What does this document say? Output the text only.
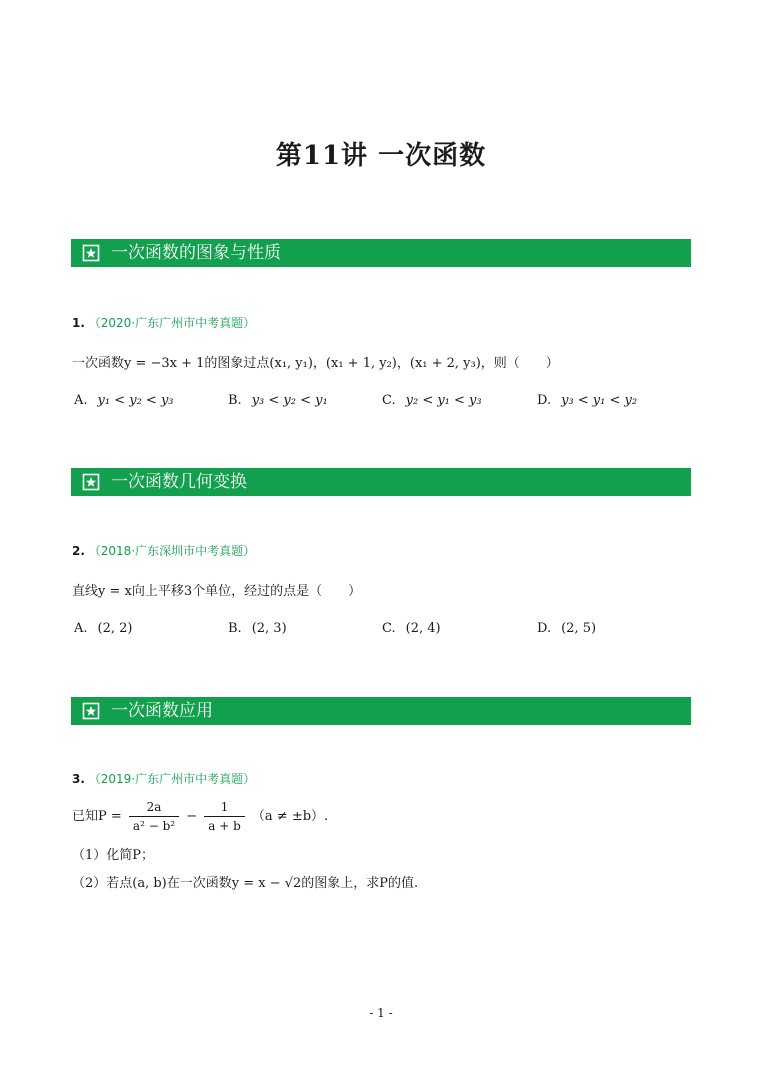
第11讲 一次函数
一次函数的图象与性质
1. （2020·广东广州市中考真题）
一次函数y = −3x + 1的图象过点(x₁, y₁)，(x₁ + 1, y₂)，(x₁ + 2, y₃)，则（　　）
A. y₁ < y₂ < y₃	B. y₃ < y₂ < y₁	C. y₂ < y₁ < y₃	D. y₃ < y₁ < y₂
一次函数几何变换
2. （2018·广东深圳市中考真题）
直线y = x向上平移3个单位，经过的点是（　　）
A. (2, 2)	B. (2, 3)	C. (2, 4)	D. (2, 5)
一次函数应用
3. （2019·广东广州市中考真题）
已知$P = \frac{2a}{\text{a² − b²}} - \frac{1}{a + b} (a \ne \pm b)$.
（1）化简P；
（2）若点(a, b)在一次函数y = x − √2的图象上，求P的值.
- 1 -
